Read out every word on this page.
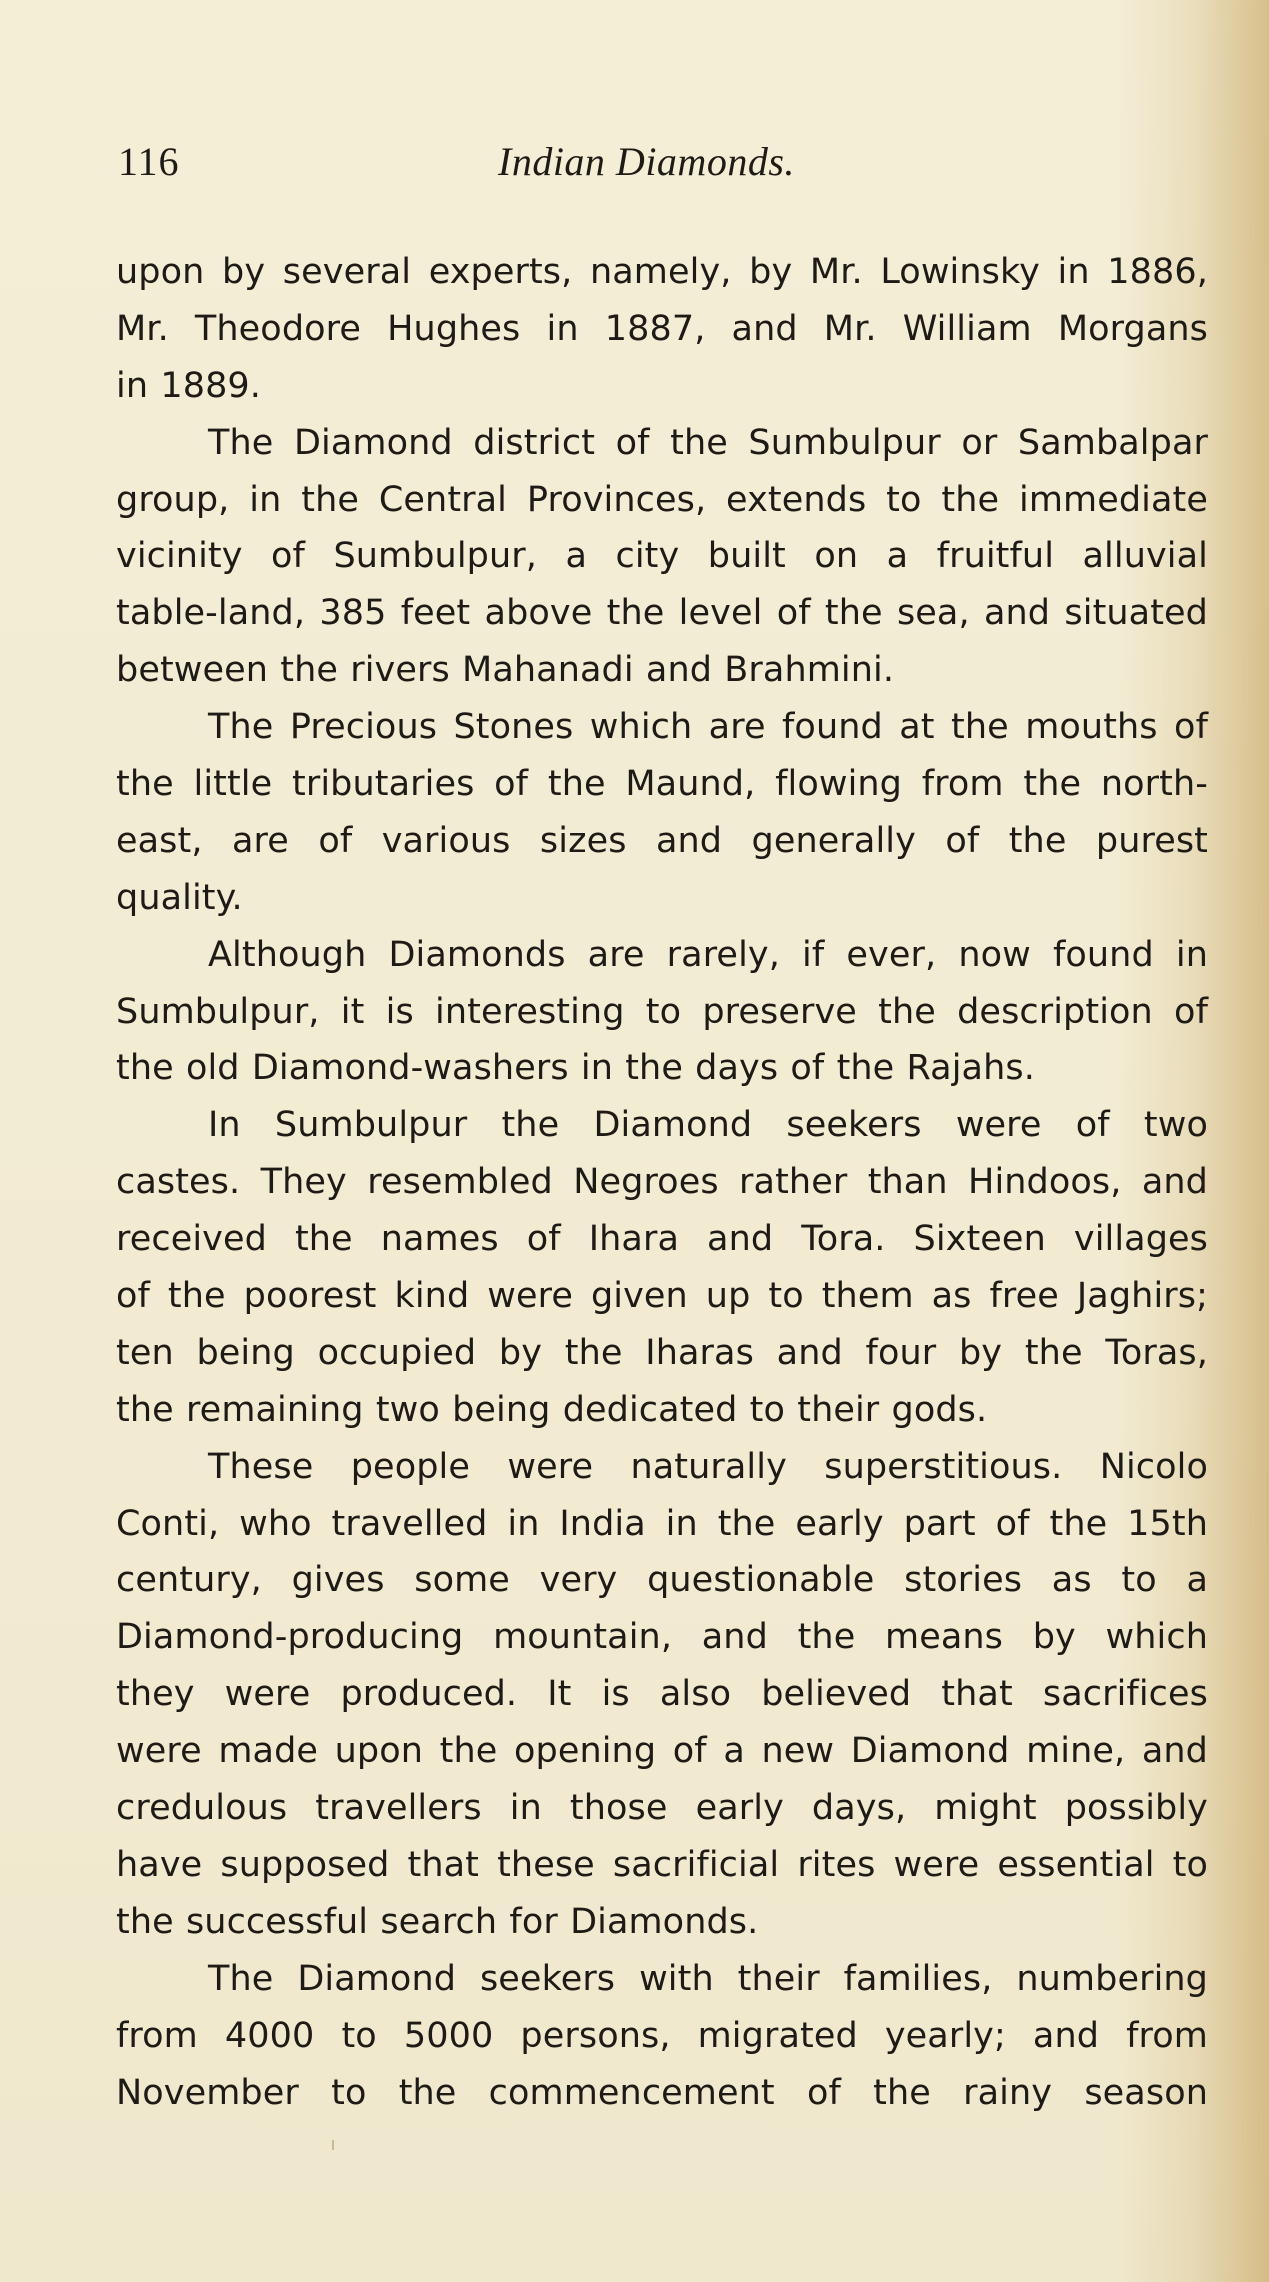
116	Indian Diamonds.
upon by several experts, namely, by Mr. Lowinsky in 1886,
Mr. Theodore Hughes in 1887, and Mr. William Morgans
in 1889.
The Diamond district of the Sumbulpur or Sambalpar
group, in the Central Provinces, extends to the immediate
vicinity of Sumbulpur, a city built on a fruitful alluvial
table-land, 385 feet above the level of the sea, and situated
between the rivers Mahanadi and Brahmini.
The Precious Stones which are found at the mouths of
the little tributaries of the Maund, flowing from the north-
east, are of various sizes and generally of the purest
quality.
Although Diamonds are rarely, if ever, now found in
Sumbulpur, it is interesting to preserve the description of
the old Diamond-washers in the days of the Rajahs.
In Sumbulpur the Diamond seekers were of two
castes. They resembled Negroes rather than Hindoos, and
received the names of Ihara and Tora. Sixteen villages
of the poorest kind were given up to them as free Jaghirs;
ten being occupied by the Iharas and four by the Toras,
the remaining two being dedicated to their gods.
These people were naturally superstitious. Nicolo
Conti, who travelled in India in the early part of the 15th
century, gives some very questionable stories as to a
Diamond-producing mountain, and the means by which
they were produced. It is also believed that sacrifices
were made upon the opening of a new Diamond mine, and
credulous travellers in those early days, might possibly
have supposed that these sacrificial rites were essential to
the successful search for Diamonds.
The Diamond seekers with their families, numbering
from 4000 to 5000 persons, migrated yearly; and from
November to the commencement of the rainy season
